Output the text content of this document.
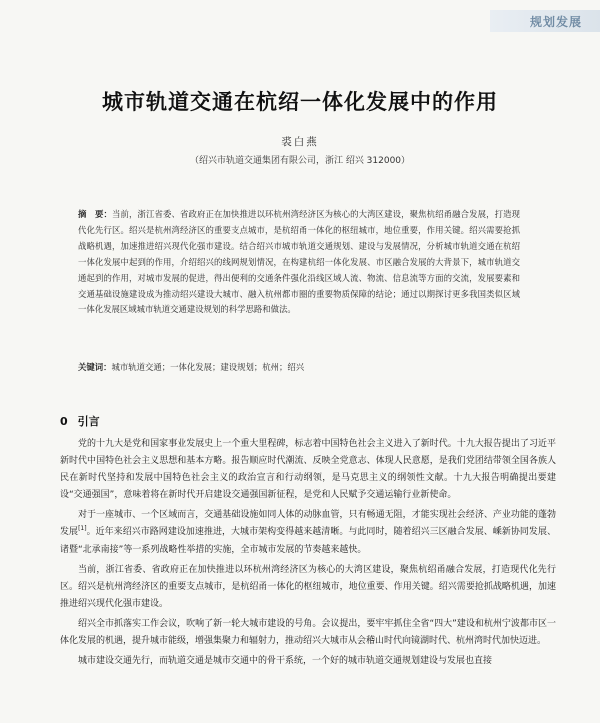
规划发展
城市轨道交通在杭绍一体化发展中的作用
裘白燕
（绍兴市轨道交通集团有限公司，浙江 绍兴 312000）
摘　要：当前，浙江省委、省政府正在加快推进以环杭州湾经济区为核心的大湾区建设，聚焦杭绍甬融合发展，打造现代化先行区。绍兴是杭州湾经济区的重要支点城市，是杭绍甬一体化的枢纽城市，地位重要，作用关键。绍兴需要抢抓战略机遇，加速推进绍兴现代化强市建设。结合绍兴市城市轨道交通规划、建设与发展情况，分析城市轨道交通在杭绍一体化发展中起到的作用，介绍绍兴的线网规划情况，在构建杭绍一体化发展、市区融合发展的大背景下，城市轨道交通起到的作用，对城市发展的促进，得出便利的交通条件强化沿线区域人流、物流、信息流等方面的交流，发展要素和交通基础设施建设成为推动绍兴建设大城市、融入杭州都市圈的重要物质保障的结论；通过以期探讨更多我国类似区域一体化发展区域城市轨道交通建设规划的科学思路和做法。
关键词：城市轨道交通；一体化发展；建设规划；杭州；绍兴
0 引言

党的十九大是党和国家事业发展史上一个重大里程碑，标志着中国特色社会主义进入了新时代。十九大报告提出了习近平新时代中国特色社会主义思想和基本方略。报告顺应时代潮流、反映全党意志、体现人民意愿，是我们党团结带领全国各族人民在新时代坚持和发展中国特色社会主义的政治宣言和行动纲领，是马克思主义的纲领性文献。十九大报告明确提出要建设“交通强国”，意味着将在新时代开启建设交通强国新征程，是党和人民赋予交通运输行业新使命。

对于一座城市、一个区域而言，交通基础设施如同人体的动脉血管，只有畅通无阻，才能实现社会经济、产业功能的蓬勃发展[1]。近年来绍兴市路网建设加速推进，大城市架构变得越来越清晰。与此同时，随着绍兴三区融合发展、嵊新协同发展、诸暨“北承南接”等一系列战略性举措的实施，全市城市发展的节奏越来越快。

当前，浙江省委、省政府正在加快推进以环杭州湾经济区为核心的大湾区建设，聚焦杭绍甬融合发展，打造现代化先行区。绍兴是杭州湾经济区的重要支点城市，是杭绍甬一体化的枢纽城市，地位重要、作用关键。绍兴需要抢抓战略机遇，加速推进绍兴现代化强市建设。

绍兴全市抓落实工作会议，吹响了新一轮大城市建设的号角。会议提出，要牢牢抓住全省“四大”建设和杭州宁波都市区一体化发展的机遇，提升城市能级，增强集聚力和辐射力，推动绍兴大城市从会稽山时代向镜湖时代、杭州湾时代加快迈进。

城市建设交通先行，而轨道交通是城市交通中的骨干系统，一个好的城市轨道交通规划建设与发展也直接
